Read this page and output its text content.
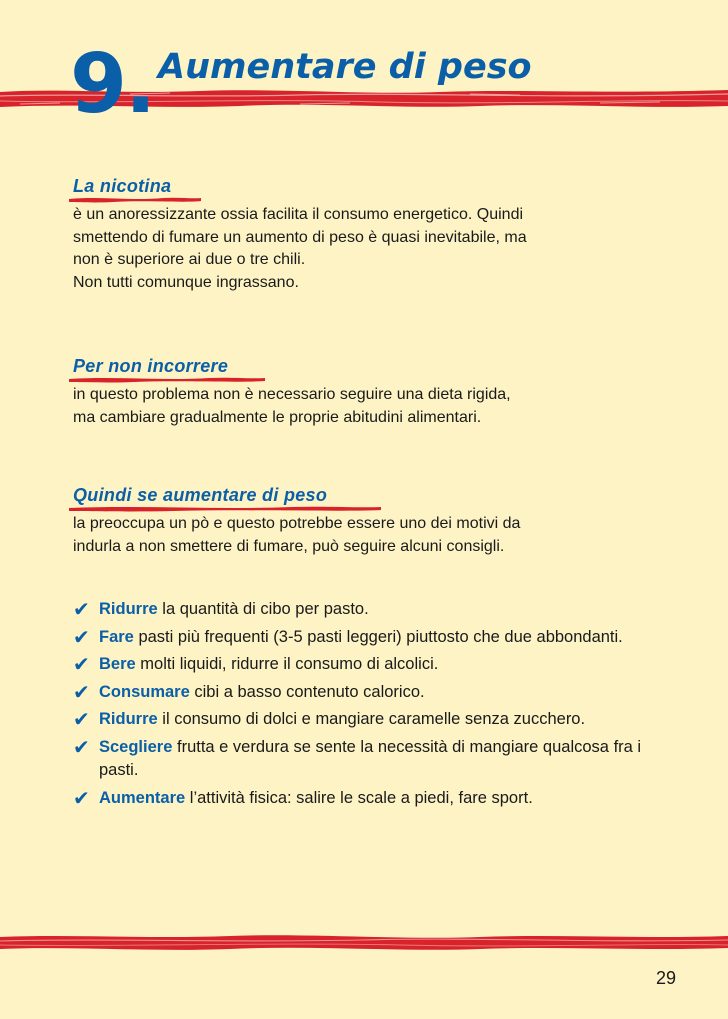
9. Aumentare di peso
La nicotina

è un anoressizzante ossia facilita il consumo energetico. Quindi
smettendo di fumare un aumento di peso è quasi inevitabile, ma
non è superiore ai due o tre chili.
Non tutti comunque ingrassano.

Per non incorrere

in questo problema non è necessario seguire una dieta rigida,
ma cambiare gradualmente le proprie abitudini alimentari.

Quindi se aumentare di peso

la preoccupa un pò e questo potrebbe essere uno dei motivi da
indurla a non smettere di fumare, può seguire alcuni consigli.

✔ Ridurre la quantità di cibo per pasto.
✔ Fare pasti più frequenti (3-5 pasti leggeri) piuttosto che due abbondanti.
✔ Bere molti liquidi, ridurre il consumo di alcolici.
✔ Consumare cibi a basso contenuto calorico.
✔ Ridurre il consumo di dolci e mangiare caramelle senza zucchero.
✔ Scegliere frutta e verdura se sente la necessità di mangiare qualcosa fra i pasti.
✔ Aumentare l’attività fisica: salire le scale a piedi, fare sport.
29
